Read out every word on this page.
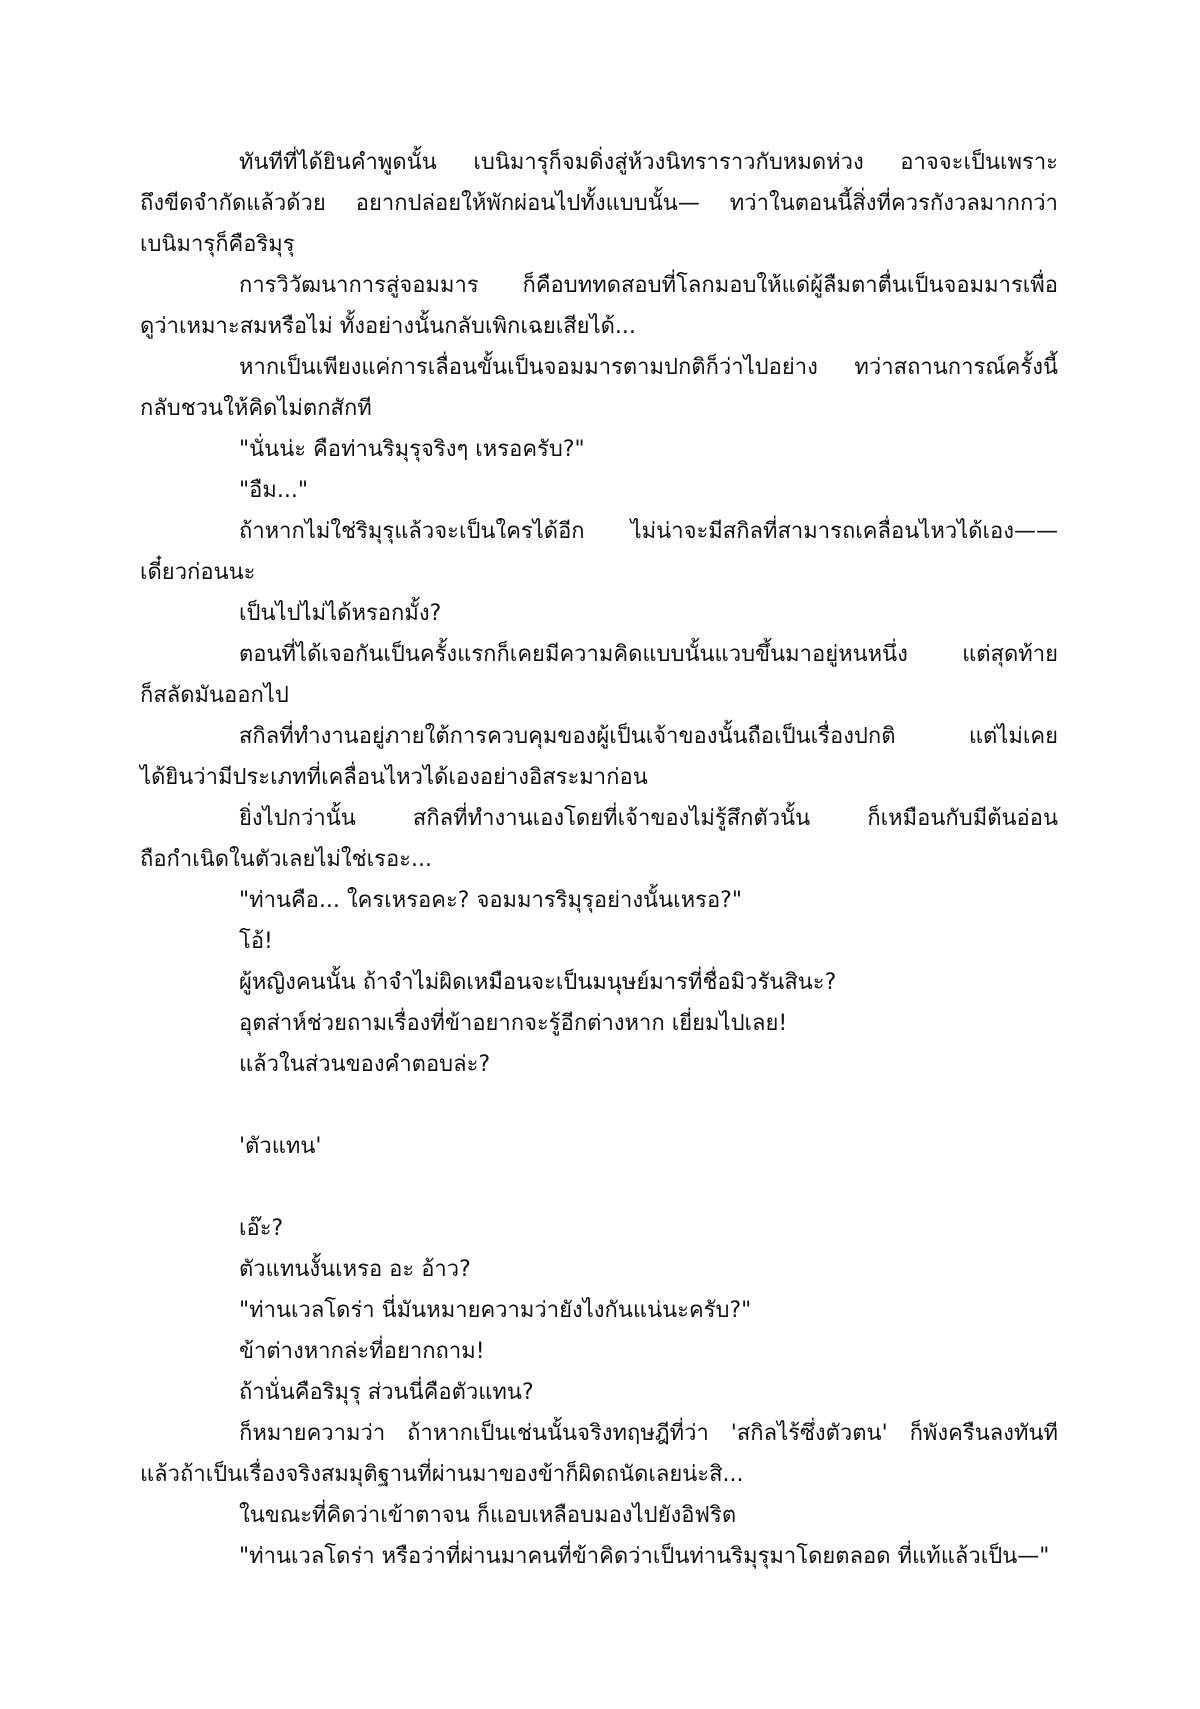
ทันทีที่ได้ยินคำพูดนั้น เบนิมารุก็จมดิ่งสู่ห้วงนิทราราวกับหมดห่วง อาจจะเป็นเพราะ
ถึงขีดจำกัดแล้วด้วย อยากปล่อยให้พักผ่อนไปทั้งแบบนั้น— ทว่าในตอนนี้สิ่งที่ควรกังวลมากกว่า
เบนิมารุก็คือริมุรุ
การวิวัฒนาการสู่จอมมาร ก็คือบททดสอบที่โลกมอบให้แด่ผู้ลืมตาตื่นเป็นจอมมารเพื่อ
ดูว่าเหมาะสมหรือไม่ ทั้งอย่างนั้นกลับเพิกเฉยเสียได้...
หากเป็นเพียงแค่การเลื่อนขั้นเป็นจอมมารตามปกติก็ว่าไปอย่าง ทว่าสถานการณ์ครั้งนี้
กลับชวนให้คิดไม่ตกสักที
"นั่นน่ะ คือท่านริมุรุจริงๆ เหรอครับ?"
"อืม..."
ถ้าหากไม่ใช่ริมุรุแล้วจะเป็นใครได้อีก ไม่น่าจะมีสกิลที่สามารถเคลื่อนไหวได้เอง——
เดี๋ยวก่อนนะ
เป็นไปไม่ได้หรอกมั้ง?
ตอนที่ได้เจอกันเป็นครั้งแรกก็เคยมีความคิดแบบนั้นแวบขึ้นมาอยู่หนหนึ่ง แต่สุดท้าย
ก็สลัดมันออกไป
สกิลที่ทำงานอยู่ภายใต้การควบคุมของผู้เป็นเจ้าของนั้นถือเป็นเรื่องปกติ แต่ไม่เคย
ได้ยินว่ามีประเภทที่เคลื่อนไหวได้เองอย่างอิสระมาก่อน
ยิ่งไปกว่านั้น สกิลที่ทำงานเองโดยที่เจ้าของไม่รู้สึกตัวนั้น ก็เหมือนกับมีต้นอ่อน
ถือกำเนิดในตัวเลยไม่ใช่เรอะ...
"ท่านคือ... ใครเหรอคะ? จอมมารริมุรุอย่างนั้นเหรอ?"
โอ้!
ผู้หญิงคนนั้น ถ้าจำไม่ผิดเหมือนจะเป็นมนุษย์มารที่ชื่อมิวรันสินะ?
อุตส่าห์ช่วยถามเรื่องที่ข้าอยากจะรู้อีกต่างหาก เยี่ยมไปเลย!
แล้วในส่วนของคำตอบล่ะ?
'ตัวแทน'
เอ๊ะ?
ตัวแทนงั้นเหรอ อะ อ้าว?
"ท่านเวลโดร่า นี่มันหมายความว่ายังไงกันแน่นะครับ?"
ข้าต่างหากล่ะที่อยากถาม!
ถ้านั่นคือริมุรุ ส่วนนี่คือตัวแทน?
ก็หมายความว่า ถ้าหากเป็นเช่นนั้นจริงทฤษฎีที่ว่า 'สกิลไร้ซึ่งตัวตน' ก็พังครืนลงทันที
แล้วถ้าเป็นเรื่องจริงสมมุติฐานที่ผ่านมาของข้าก็ผิดถนัดเลยน่ะสิ...
ในขณะที่คิดว่าเข้าตาจน ก็แอบเหลือบมองไปยังอิฟริต
"ท่านเวลโดร่า หรือว่าที่ผ่านมาคนที่ข้าคิดว่าเป็นท่านริมุรุมาโดยตลอด ที่แท้แล้วเป็น—"
